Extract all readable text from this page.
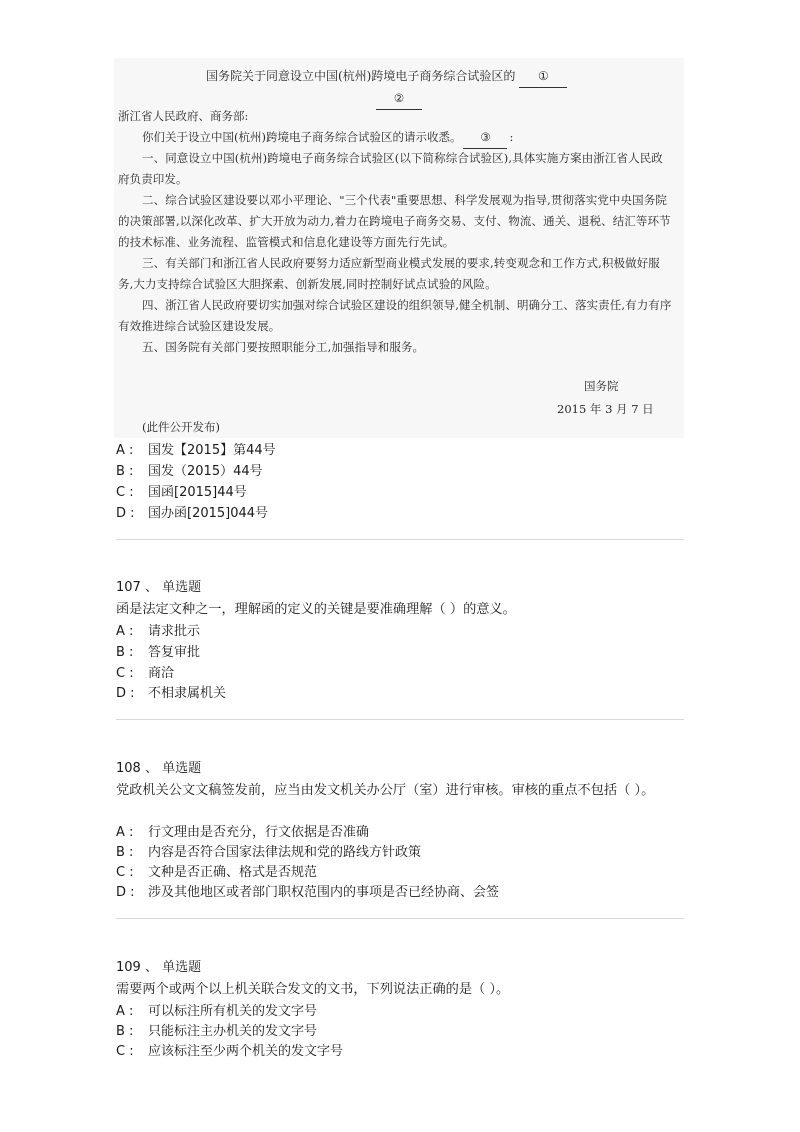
国务院关于同意设立中国(杭州)跨境电子商务综合试验区的 ①
②
浙江省人民政府、商务部:
你们关于设立中国(杭州)跨境电子商务综合试验区的请示收悉。 ③ :
一、同意设立中国(杭州)跨境电子商务综合试验区(以下简称综合试验区),具体实施方案由浙江省人民政府负责印发。
二、综合试验区建设要以邓小平理论、"三个代表"重要思想、科学发展观为指导,贯彻落实党中央国务院的决策部署,以深化改革、扩大开放为动力,着力在跨境电子商务交易、支付、物流、通关、退税、结汇等环节的技术标准、业务流程、监管模式和信息化建设等方面先行先试。
三、有关部门和浙江省人民政府要努力适应新型商业模式发展的要求,转变观念和工作方式,积极做好服务,大力支持综合试验区大胆探索、创新发展,同时控制好试点试验的风险。
四、浙江省人民政府要切实加强对综合试验区建设的组织领导,健全机制、明确分工、落实责任,有力有序有效推进综合试验区建设发展。
五、国务院有关部门要按照职能分工,加强指导和服务。
国务院
2015 年 3 月 7 日
(此件公开发布)
A : 国发【2015】第44号
B : 国发（2015）44号
C : 国函[2015]44号
D : 国办函[2015]044号
107 、 单选题
函是法定文种之一，理解函的定义的关键是要准确理解（ ）的意义。
A : 请求批示
B : 答复审批
C : 商洽
D : 不相隶属机关
108 、 单选题
党政机关公文文稿签发前，应当由发文机关办公厅（室）进行审核。审核的重点不包括（ ）。
A : 行文理由是否充分，行文依据是否准确
B : 内容是否符合国家法律法规和党的路线方针政策
C : 文种是否正确、格式是否规范
D : 涉及其他地区或者部门职权范围内的事项是否已经协商、会签
109 、 单选题
需要两个或两个以上机关联合发文的文书，下列说法正确的是（ ）。
A : 可以标注所有机关的发文字号
B : 只能标注主办机关的发文字号
C : 应该标注至少两个机关的发文字号
